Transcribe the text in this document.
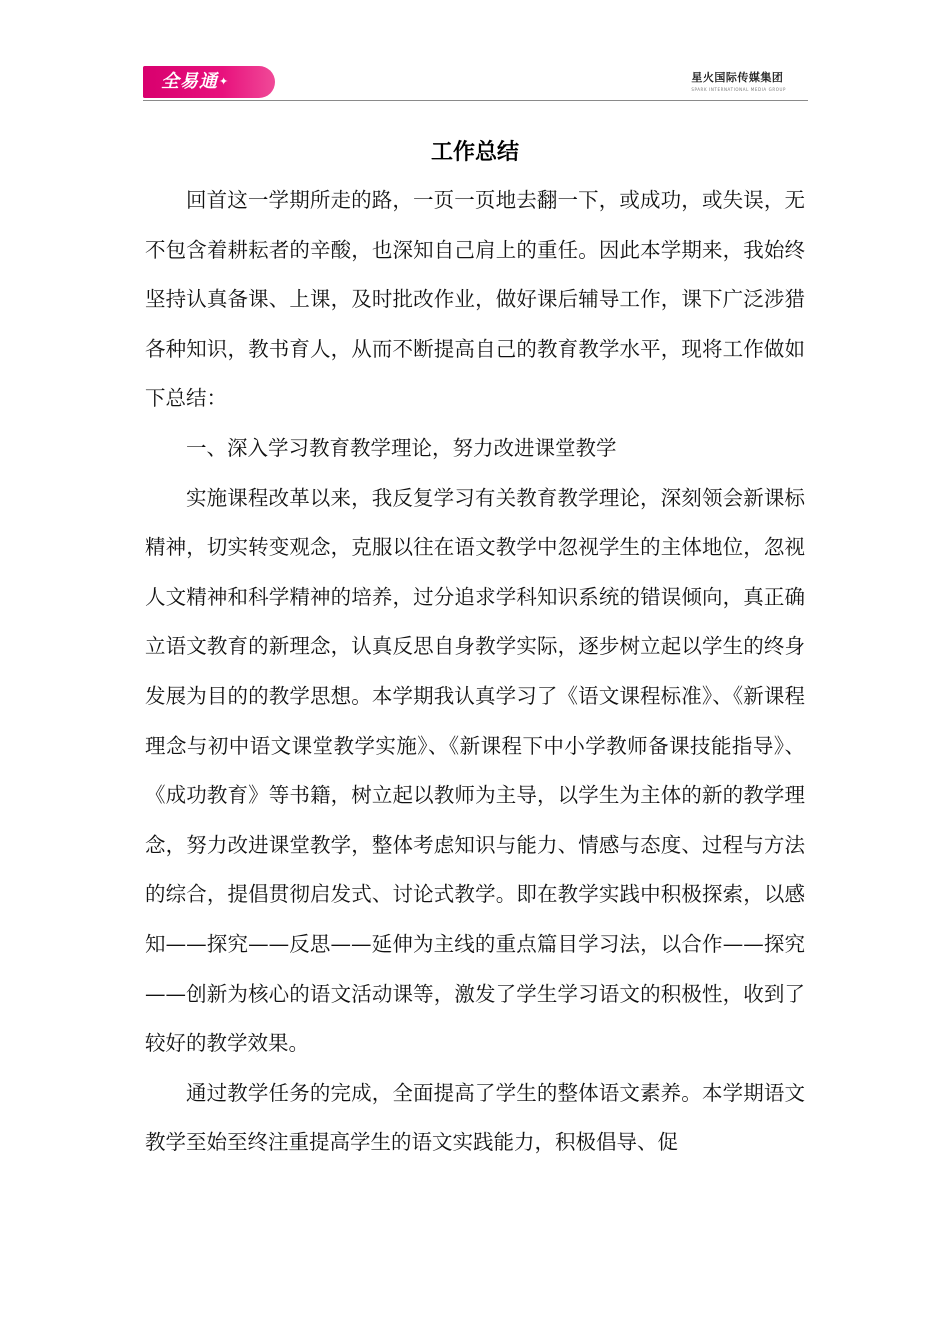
全易通✦	星火国际传媒集团
SPARK INTERNATIONAL MEDIA GROUP
工作总结

回首这一学期所走的路，一页一页地去翻一下，或成功，或失误，无不包含着耕耘者的辛酸，也深知自己肩上的重任。因此本学期来，我始终坚持认真备课、上课，及时批改作业，做好课后辅导工作，课下广泛涉猎各种知识，教书育人，从而不断提高自己的教育教学水平，现将工作做如下总结：

一、深入学习教育教学理论，努力改进课堂教学

实施课程改革以来，我反复学习有关教育教学理论，深刻领会新课标精神，切实转变观念，克服以往在语文教学中忽视学生的主体地位，忽视人文精神和科学精神的培养，过分追求学科知识系统的错误倾向，真正确立语文教育的新理念，认真反思自身教学实际，逐步树立起以学生的终身发展为目的的教学思想。本学期我认真学习了《语文课程标准》、《新课程理念与初中语文课堂教学实施》、《新课程下中小学教师备课技能指导》、《成功教育》等书籍，树立起以教师为主导，以学生为主体的新的教学理念，努力改进课堂教学，整体考虑知识与能力、情感与态度、过程与方法的综合，提倡贯彻启发式、讨论式教学。即在教学实践中积极探索，以感知——探究——反思——延伸为主线的重点篇目学习法，以合作——探究——创新为核心的语文活动课等，激发了学生学习语文的积极性，收到了较好的教学效果。

通过教学任务的完成，全面提高了学生的整体语文素养。本学期语文教学至始至终注重提高学生的语文实践能力，积极倡导、促
